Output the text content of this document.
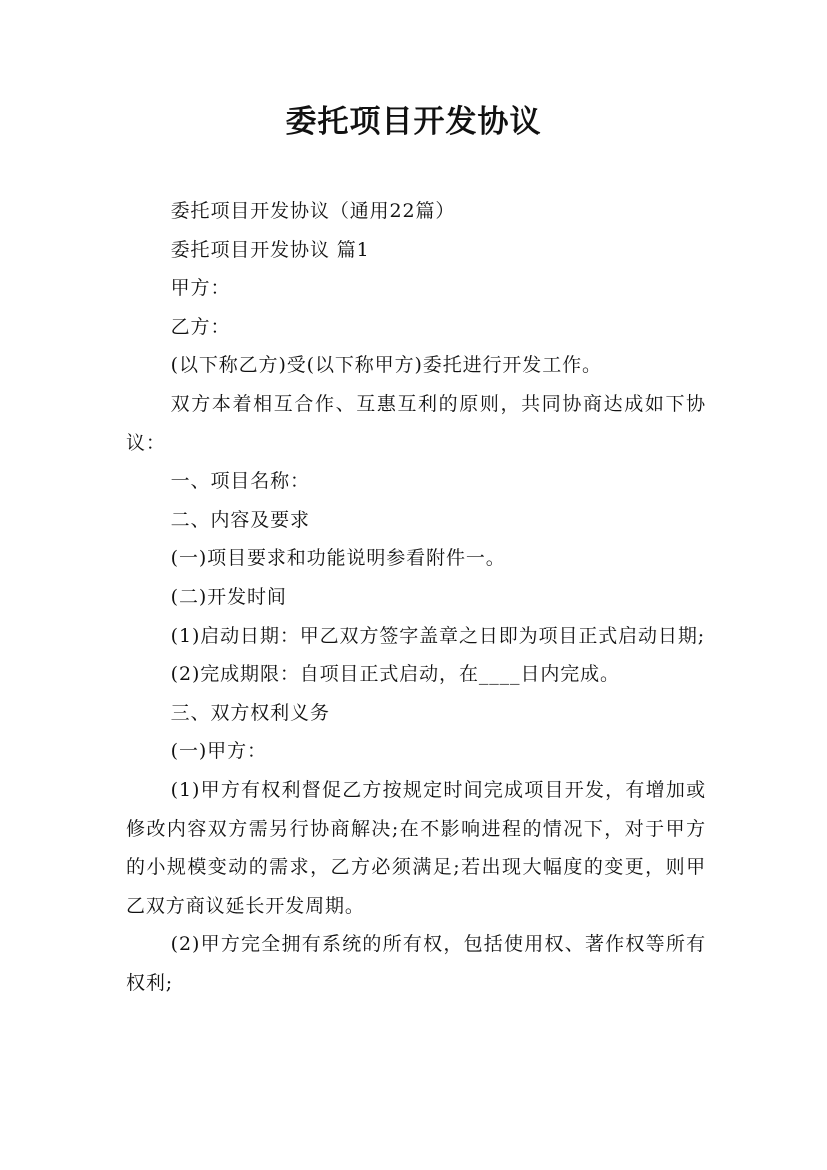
委托项目开发协议

委托项目开发协议（通用22篇）

委托项目开发协议 篇1

甲方：

乙方：

(以下称乙方)受(以下称甲方)委托进行开发工作。

双方本着相互合作、互惠互利的原则，共同协商达成如下协议：

一、项目名称：

二、内容及要求

(一)项目要求和功能说明参看附件一。

(二)开发时间

(1)启动日期：甲乙双方签字盖章之日即为项目正式启动日期;

(2)完成期限：自项目正式启动，在____日内完成。

三、双方权利义务

(一)甲方：

(1)甲方有权利督促乙方按规定时间完成项目开发，有增加或修改内容双方需另行协商解决;在不影响进程的情况下，对于甲方的小规模变动的需求，乙方必须满足;若出现大幅度的变更，则甲乙双方商议延长开发周期。

(2)甲方完全拥有系统的所有权，包括使用权、著作权等所有权利;
